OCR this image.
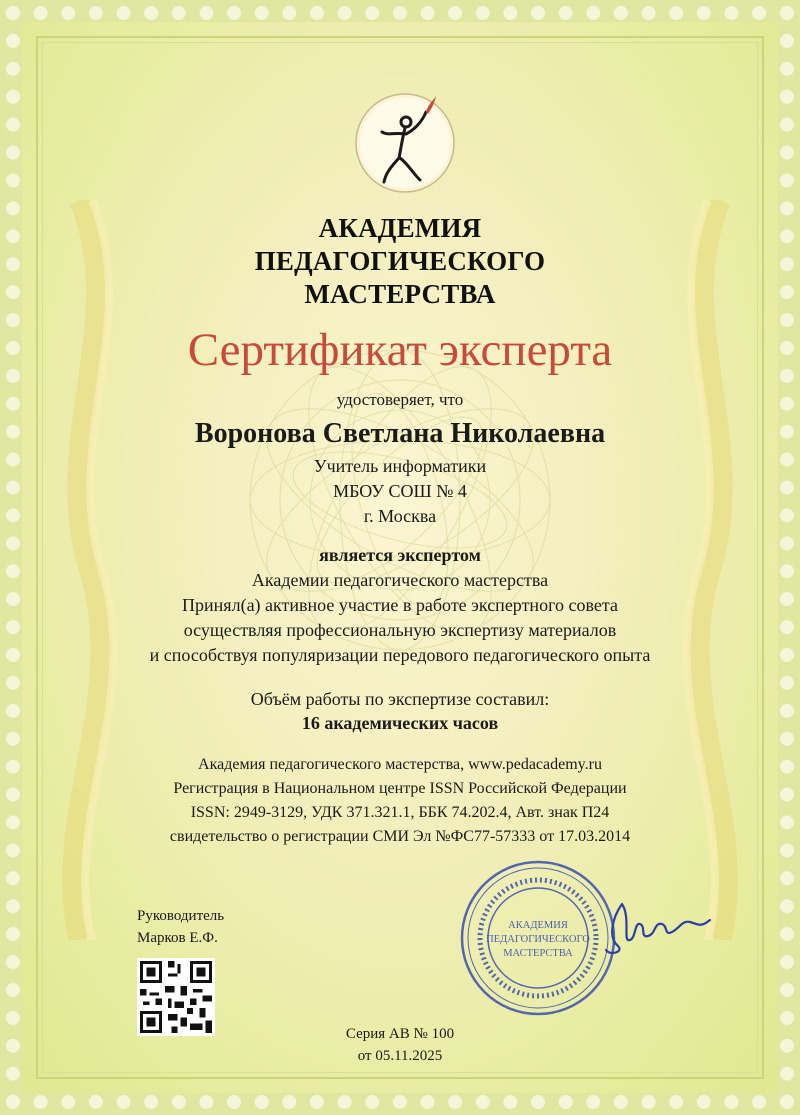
АКАДЕМИЯ
ПЕДАГОГИЧЕСКОГО
МАСТЕРСТВА
Сертификат эксперта
удостоверяет, что
Воронова Светлана Николаевна
Учитель информатики
МБОУ СОШ № 4
г. Москва
является экспертом
Академии педагогического мастерства
Принял(а) активное участие в работе экспертного совета
осуществляя профессиональную экспертизу материалов
и способствуя популяризации передового педагогического опыта
Объём работы по экспертизе составил:
16 академических часов
Академия педагогического мастерства, www.pedacademy.ru
Регистрация в Национальном центре ISSN Российской Федерации
ISSN: 2949-3129, УДК 371.321.1, ББК 74.202.4, Авт. знак П24
свидетельство о регистрации СМИ Эл №ФС77-57333 от 17.03.2014
Руководитель
Марков Е.Ф.
АКАДЕМИЯ
ПЕДАГОГИЧЕСКОГО
МАСТЕРСТВА
Серия АВ № 100
от 05.11.2025
